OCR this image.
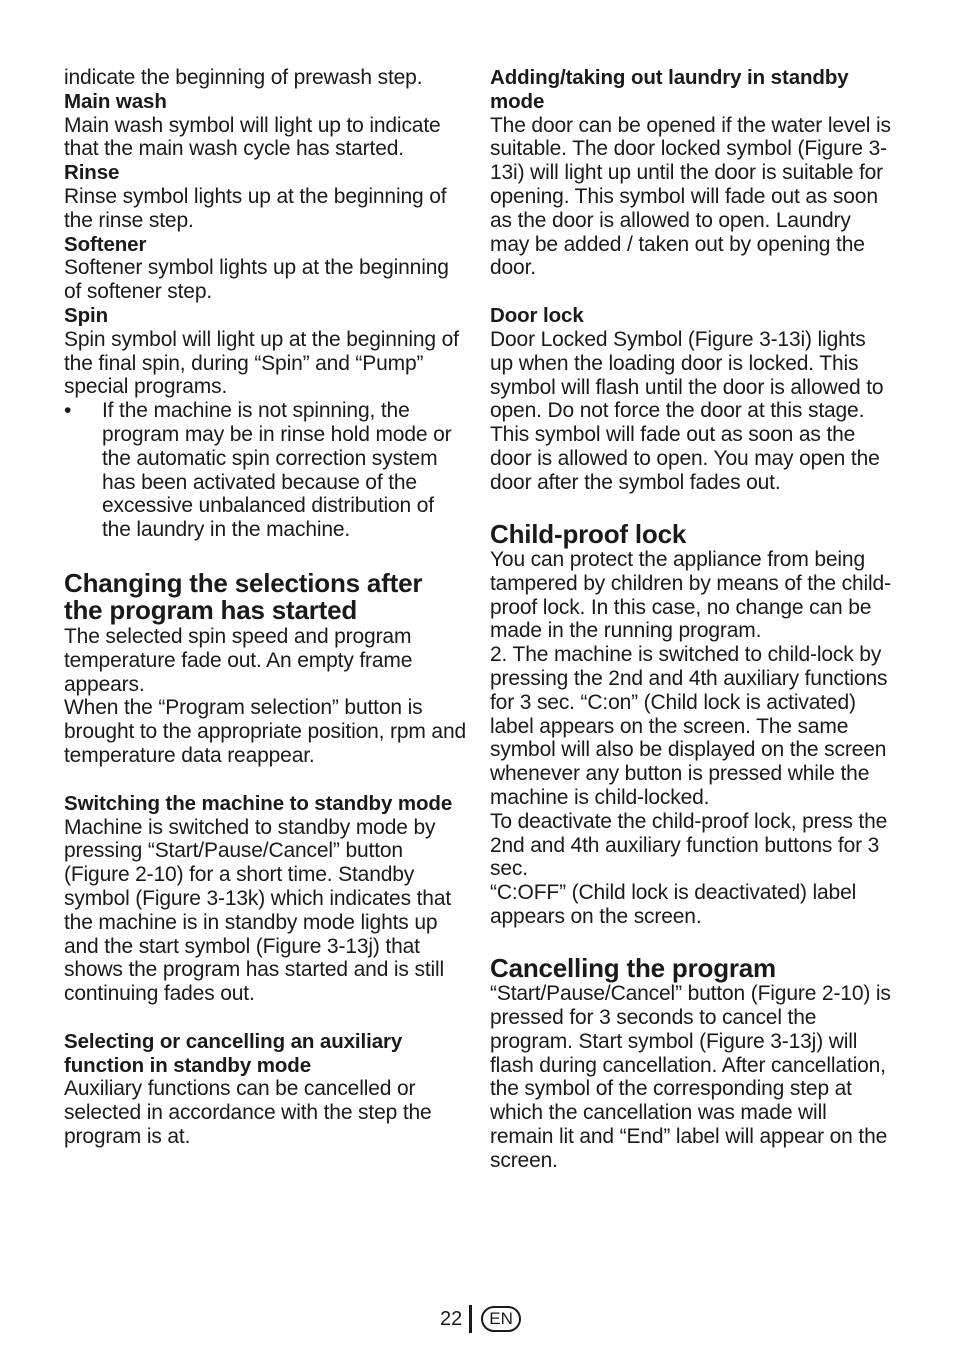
indicate the beginning of prewash step.

Main wash

Main wash symbol will light up to indicate that the main wash cycle has started.

Rinse

Rinse symbol lights up at the beginning of the rinse step.

Softener

Softener symbol lights up at the beginning of softener step.

Spin

Spin symbol will light up at the beginning of the final spin, during “Spin” and “Pump” special programs.

•	If the machine is not spinning, the program may be in rinse hold mode or the automatic spin correction system has been activated because of the excessive unbalanced distribution of the laundry in the machine.

Changing the selections after the program has started

The selected spin speed and program temperature fade out. An empty frame appears.

When the “Program selection” button is brought to the appropriate position, rpm and temperature data reappear.

Switching the machine to standby mode

Machine is switched to standby mode by pressing “Start/Pause/Cancel” button (Figure 2-10) for a short time. Standby symbol (Figure 3-13k) which indicates that the machine is in standby mode lights up and the start symbol (Figure 3-13j) that shows the program has started and is still continuing fades out.

Selecting or cancelling an auxiliary function in standby mode

Auxiliary functions can be cancelled or selected in accordance with the step the program is at.

Adding/taking out laundry in standby mode

The door can be opened if the water level is suitable. The door locked symbol (Figure 3-13i) will light up until the door is suitable for opening. This symbol will fade out as soon as the door is allowed to open. Laundry may be added / taken out by opening the door.

Door lock

Door Locked Symbol (Figure 3-13i) lights up when the loading door is locked. This symbol will flash until the door is allowed to open. Do not force the door at this stage. This symbol will fade out as soon as the door is allowed to open. You may open the door after the symbol fades out.

Child-proof lock

You can protect the appliance from being tampered by children by means of the child-proof lock. In this case, no change can be made in the running program.

2. The machine is switched to child-lock by pressing the 2nd and 4th auxiliary functions for 3 sec. “C:on” (Child lock is activated) label appears on the screen. The same symbol will also be displayed on the screen whenever any button is pressed while the machine is child-locked.

To deactivate the child-proof lock, press the 2nd and 4th auxiliary function buttons for 3 sec.

“C:OFF” (Child lock is deactivated) label appears on the screen.

Cancelling the program

“Start/Pause/Cancel” button (Figure 2-10) is pressed for 3 seconds to cancel the program. Start symbol (Figure 3-13j) will flash during cancellation. After cancellation, the symbol of the corresponding step at which the cancellation was made will remain lit and “End” label will appear on the screen.

22	EN
